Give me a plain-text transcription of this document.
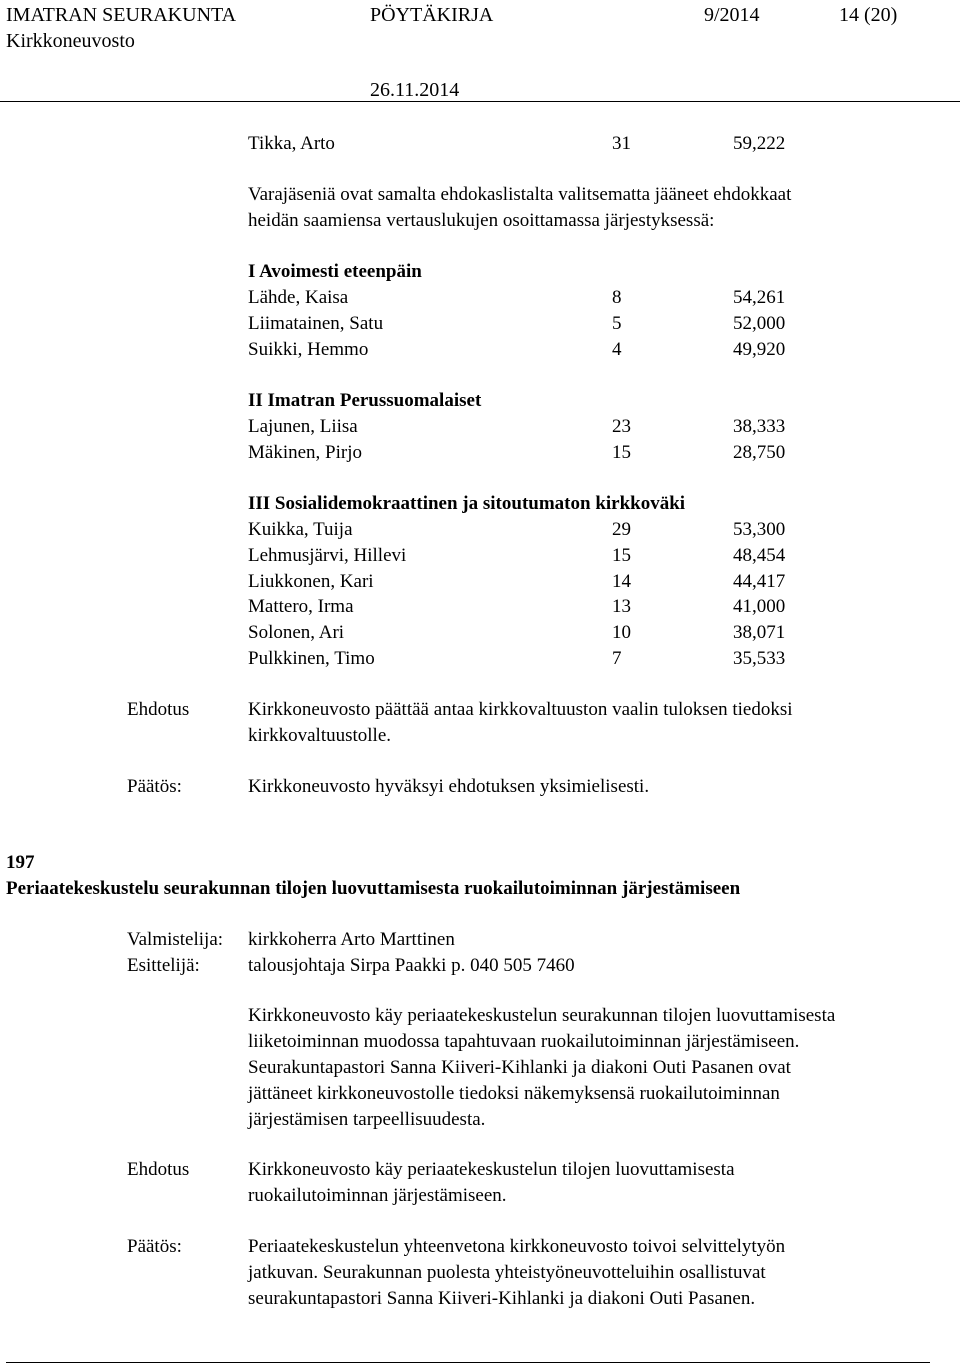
IMATRAN SEURAKUNTA	PÖYTÄKIRJA	9/2014	14 (20)
Kirkkoneuvosto
26.11.2014
Tikka, Arto	31	59,222
Varajäseniä ovat samalta ehdokaslistalta valitsematta jääneet ehdokkaat
heidän saamiensa vertauslukujen osoittamassa järjestyksessä:
I Avoimesti eteenpäin
Lähde, Kaisa	8	54,261
Liimatainen, Satu	5	52,000
Suikki, Hemmo	4	49,920
II Imatran Perussuomalaiset
Lajunen, Liisa	23	38,333
Mäkinen, Pirjo	15	28,750
III Sosialidemokraattinen ja sitoutumaton kirkkoväki
Kuikka, Tuija	29	53,300
Lehmusjärvi, Hillevi	15	48,454
Liukkonen, Kari	14	44,417
Mattero, Irma	13	41,000
Solonen, Ari	10	38,071
Pulkkinen, Timo	7	35,533
Ehdotus	Kirkkoneuvosto päättää antaa kirkkovaltuuston vaalin tuloksen tiedoksi
kirkkovaltuustolle.
Päätös:	Kirkkoneuvosto hyväksyi ehdotuksen yksimielisesti.
197
Periaatekeskustelu seurakunnan tilojen luovuttamisesta ruokailutoiminnan järjestämiseen
Valmistelija: kirkkoherra Arto Marttinen
Esittelijä:	talousjohtaja Sirpa Paakki p. 040 505 7460
Kirkkoneuvosto käy periaatekeskustelun seurakunnan tilojen luovuttamisesta
liiketoiminnan muodossa tapahtuvaan ruokailutoiminnan järjestämiseen.
Seurakuntapastori Sanna Kiiveri-Kihlanki ja diakoni Outi Pasanen ovat
jättäneet kirkkoneuvostolle tiedoksi näkemyksensä ruokailutoiminnan
järjestämisen tarpeellisuudesta.
Ehdotus	Kirkkoneuvosto käy periaatekeskustelun tilojen luovuttamisesta
ruokailutoiminnan järjestämiseen.
Päätös:	Periaatekeskustelun yhteenvetona kirkkoneuvosto toivoi selvittelytyön
jatkuvan. Seurakunnan puolesta yhteistyöneuvotteluihin osallistuvat
seurakuntapastori Sanna Kiiveri-Kihlanki ja diakoni Outi Pasanen.
